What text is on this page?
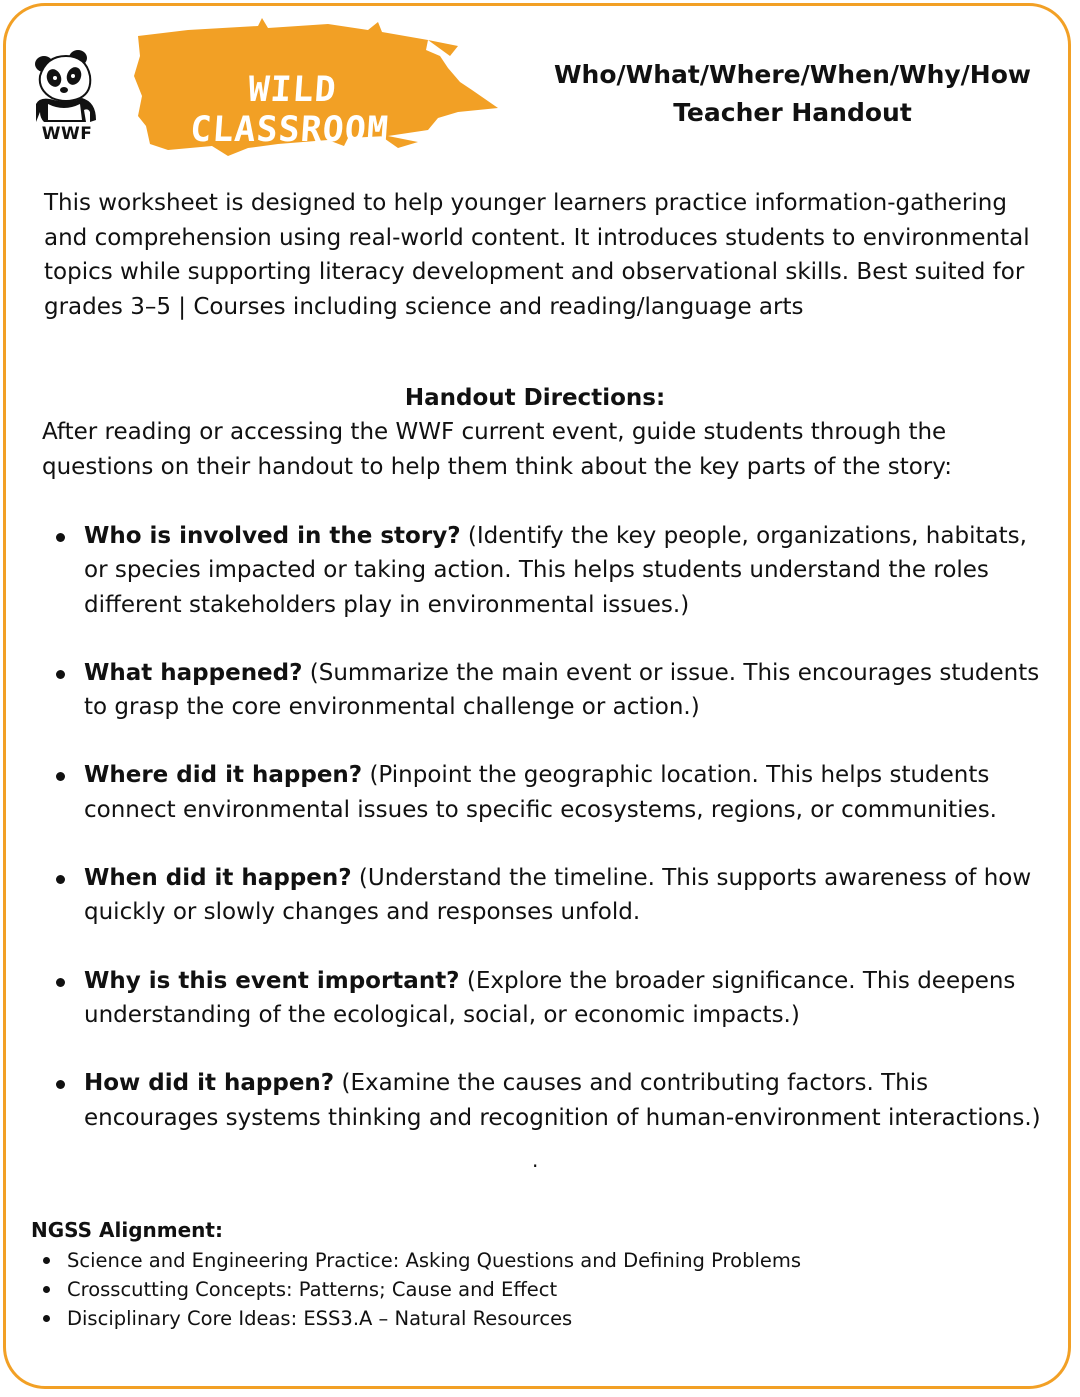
WWF
WILD CLASSROOM
Who/What/Where/When/Why/How
Teacher Handout

This worksheet is designed to help younger learners practice information-gathering and comprehension using real-world content. It introduces students to environmental topics while supporting literacy development and observational skills. Best suited for grades 3–5 | Courses including science and reading/language arts

Handout Directions:

After reading or accessing the WWF current event, guide students through the questions on their handout to help them think about the key parts of the story:

Who is involved in the story? (Identify the key people, organizations, habitats, or species impacted or taking action. This helps students understand the roles different stakeholders play in environmental issues.)
What happened? (Summarize the main event or issue. This encourages students to grasp the core environmental challenge or action.)
Where did it happen? (Pinpoint the geographic location. This helps students connect environmental issues to specific ecosystems, regions, or communities.
When did it happen? (Understand the timeline. This supports awareness of how quickly or slowly changes and responses unfold.
Why is this event important? (Explore the broader significance. This deepens understanding of the ecological, social, or economic impacts.)
How did it happen? (Examine the causes and contributing factors. This encourages systems thinking and recognition of human-environment interactions.)
.

NGSS Alignment:

Science and Engineering Practice: Asking Questions and Defining Problems
Crosscutting Concepts: Patterns; Cause and Effect
Disciplinary Core Ideas: ESS3.A – Natural Resources
